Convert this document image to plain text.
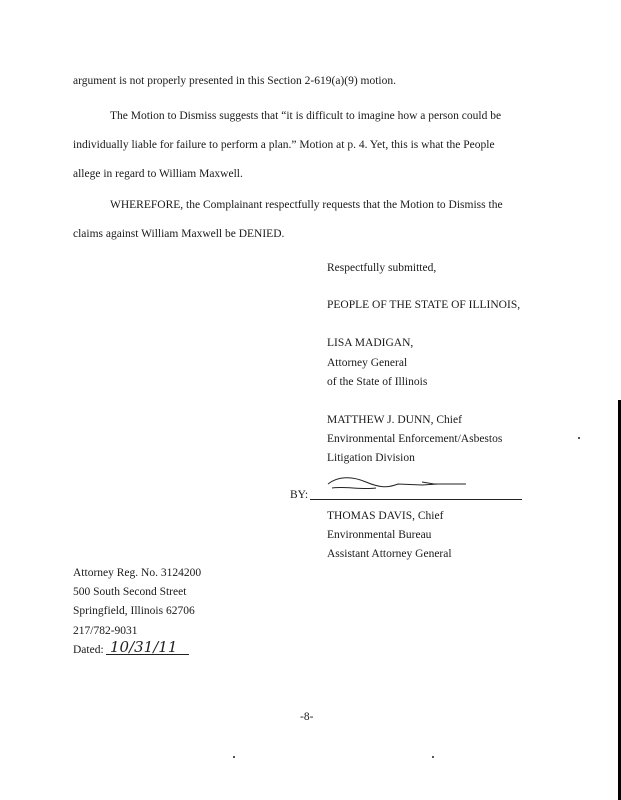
argument is not properly presented in this Section 2-619(a)(9) motion.
The Motion to Dismiss suggests that “it is difficult to imagine how a person could be
individually liable for failure to perform a plan.” Motion at p. 4. Yet, this is what the People
allege in regard to William Maxwell.
WHEREFORE, the Complainant respectfully requests that the Motion to Dismiss the
claims against William Maxwell be DENIED.
Respectfully submitted,
PEOPLE OF THE STATE OF ILLINOIS,
LISA MADIGAN,
Attorney General
of the State of Illinois
MATTHEW J. DUNN, Chief
Environmental Enforcement/Asbestos
Litigation Division
BY:
THOMAS DAVIS, Chief
Environmental Bureau
Assistant Attorney General
Attorney Reg. No. 3124200
500 South Second Street
Springfield, Illinois 62706
217/782-9031
Dated: 10/31/11
-8-
